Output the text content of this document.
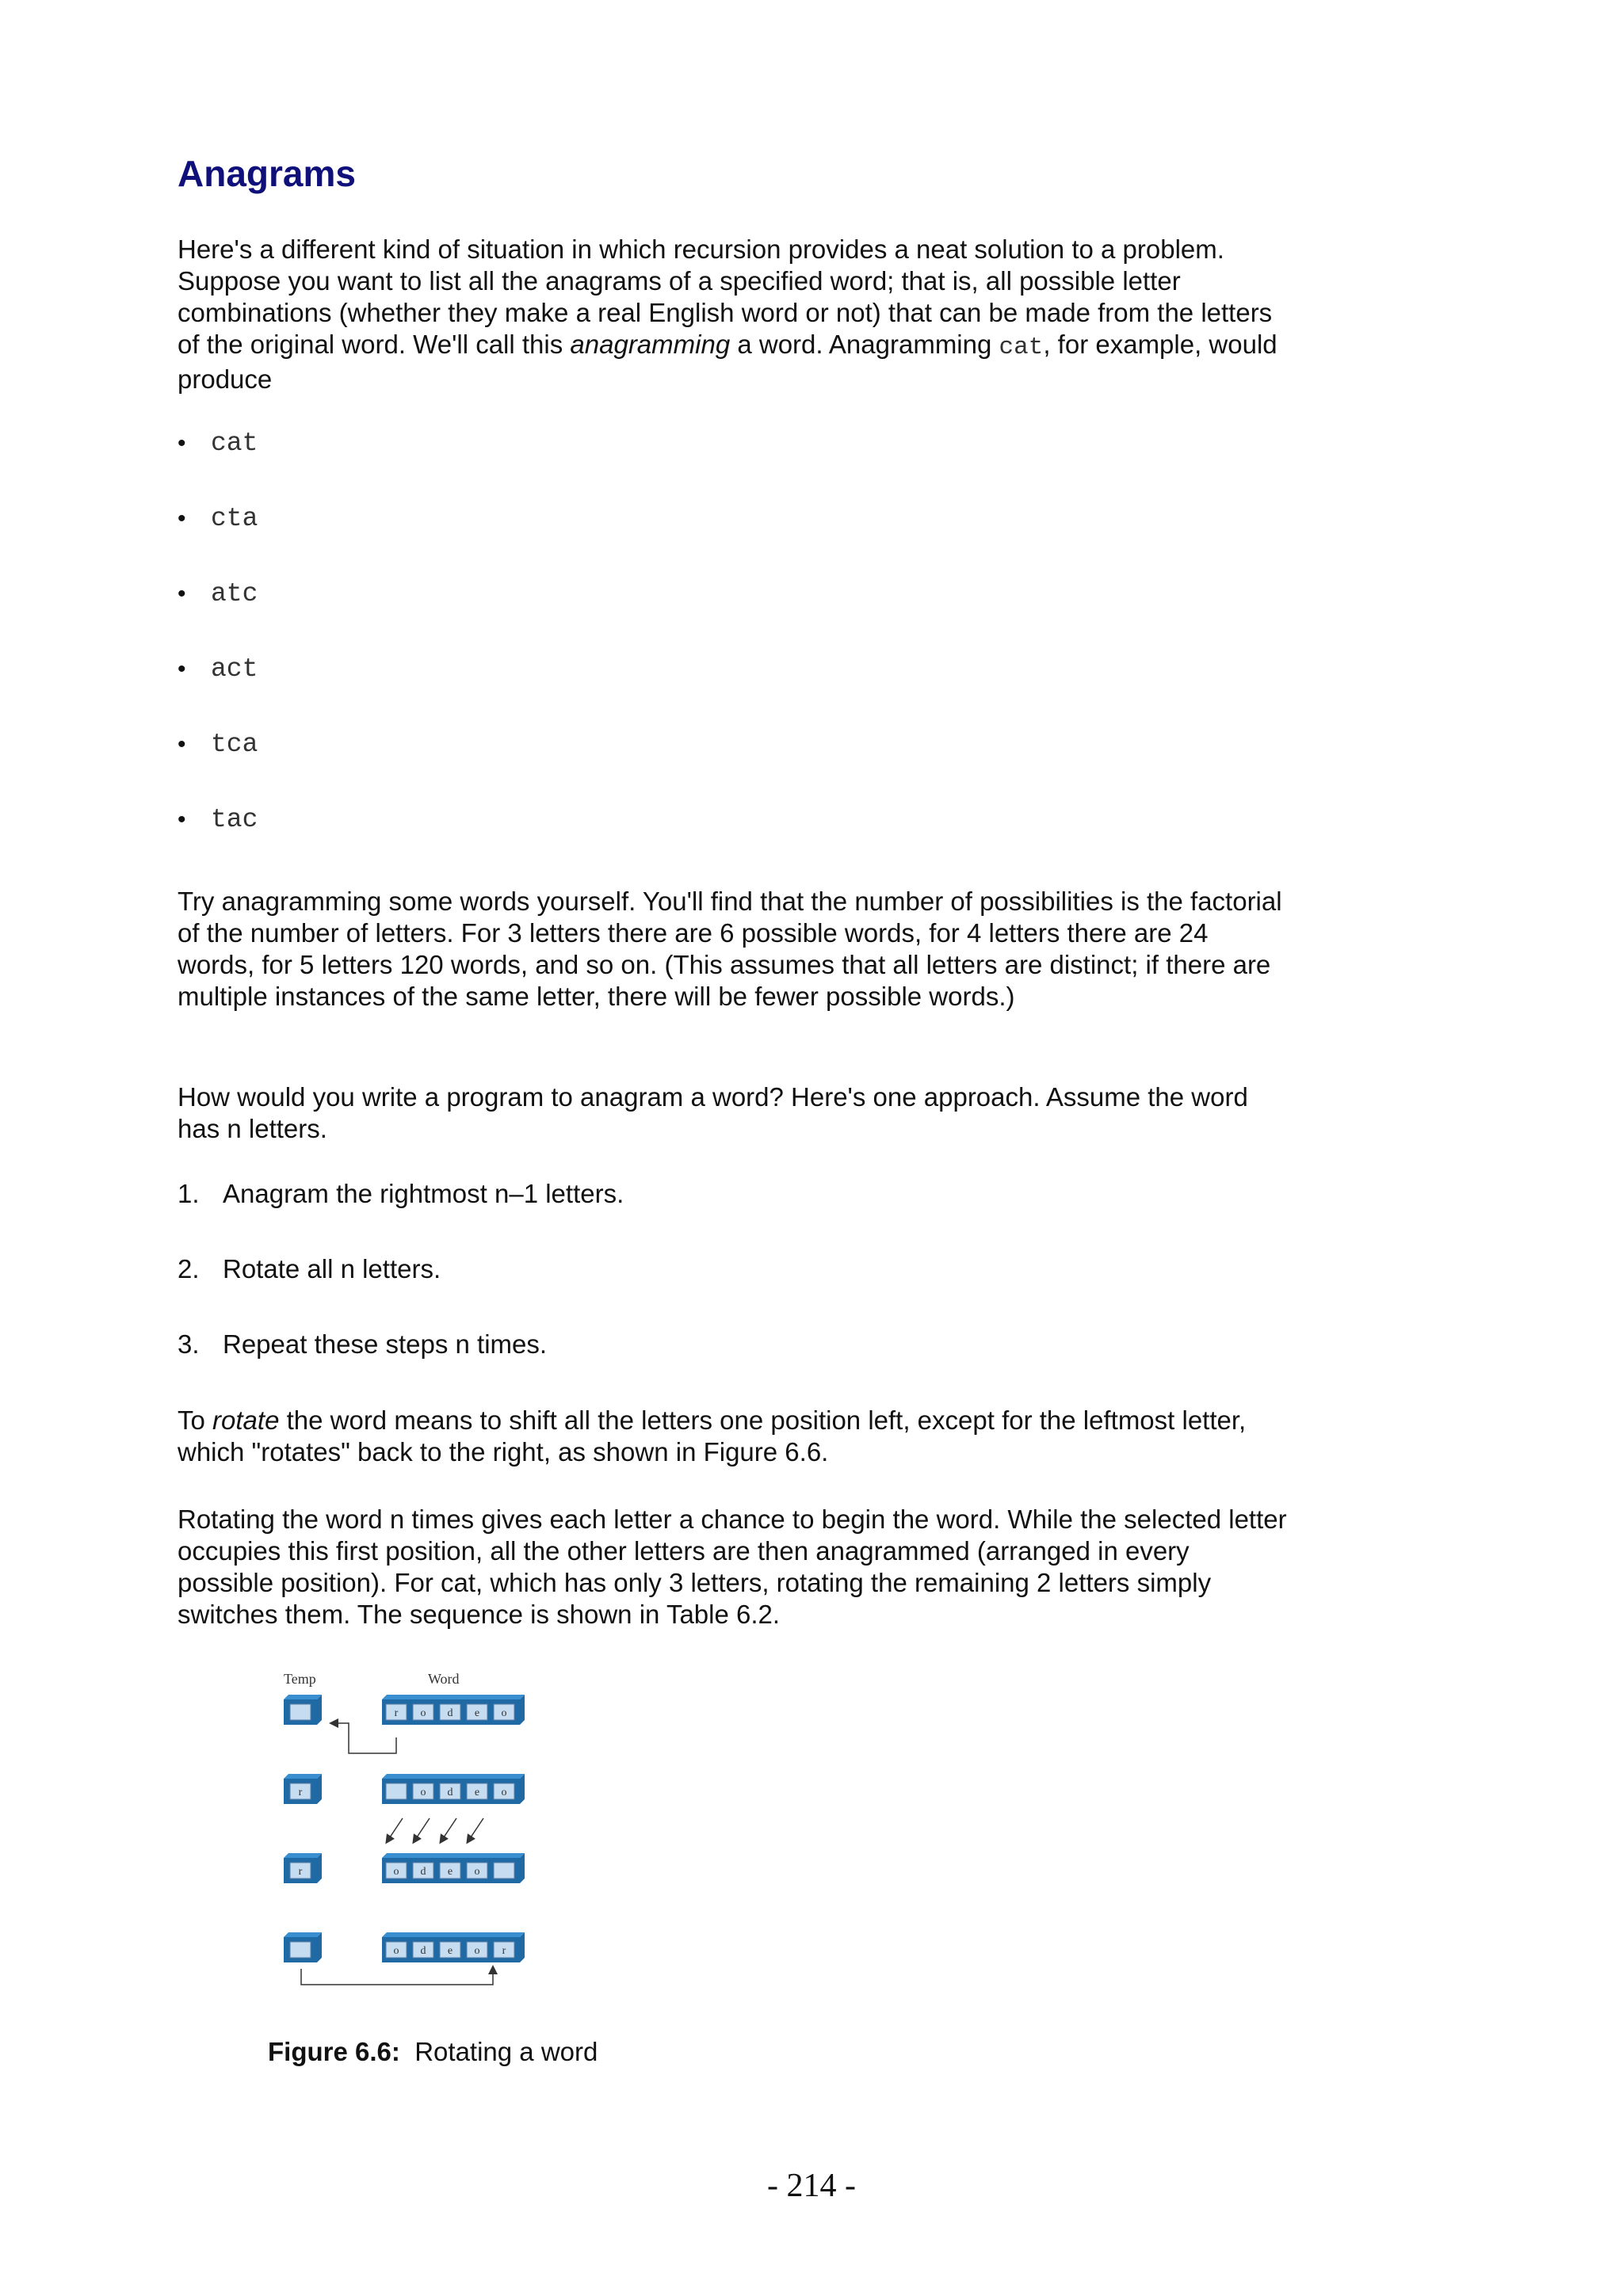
Anagrams

Here's a different kind of situation in which recursion provides a neat solution to a problem. Suppose you want to list all the anagrams of a specified word; that is, all possible letter combinations (whether they make a real English word or not) that can be made from the letters of the original word. We'll call this anagramming a word. Anagramming cat, for example, would produce

• cat
• cta
• atc
• act
• tca
• tac

Try anagramming some words yourself. You'll find that the number of possibilities is the factorial of the number of letters. For 3 letters there are 6 possible words, for 4 letters there are 24 words, for 5 letters 120 words, and so on. (This assumes that all letters are distinct; if there are multiple instances of the same letter, there will be fewer possible words.)

How would you write a program to anagram a word? Here's one approach. Assume the word has n letters.

1. Anagram the rightmost n–1 letters.
2. Rotate all n letters.
3. Repeat these steps n times.

To rotate the word means to shift all the letters one position left, except for the leftmost letter, which "rotates" back to the right, as shown in Figure 6.6.

Rotating the word n times gives each letter a chance to begin the word. While the selected letter occupies this first position, all the other letters are then anagrammed (arranged in every possible position). For cat, which has only 3 letters, rotating the remaining 2 letters simply switches them. The sequence is shown in Table 6.2.

Temp	Word
r o d e o
r	o d e o
r	o d e o
o d e o r

Figure 6.6: Rotating a word

- 214 -
